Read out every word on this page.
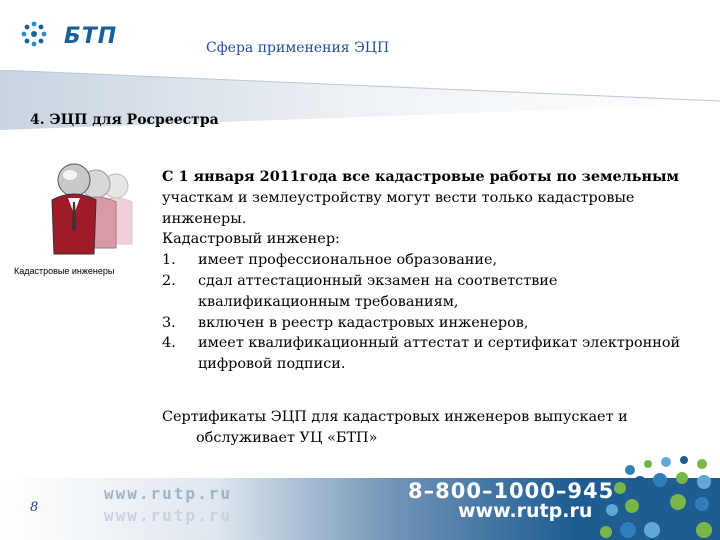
БТП	Сфера применения ЭЦП
4. ЭЦП для Росреестра
Кадастровые инженеры

С 1 января 2011года все кадастровые работы по земельным

участкам и землеустройству могут вести только кадастровые

инженеры.

Кадастровый инженер:

1. имеет профессиональное образование,
2. сдал аттестационный экзамен на соответствие
квалификационным требованиям,
3. включен в реестр кадастровых инженеров,
4. имеет квалификационный аттестат и сертификат электронной
цифровой подписи.
Сертификаты ЭЦП для кадастровых инженеров выпускает и
обслуживает УЦ «БТП»
8
www.rutp.ru
www.rutp.ru
8–800–1000–945
www.rutp.ru
